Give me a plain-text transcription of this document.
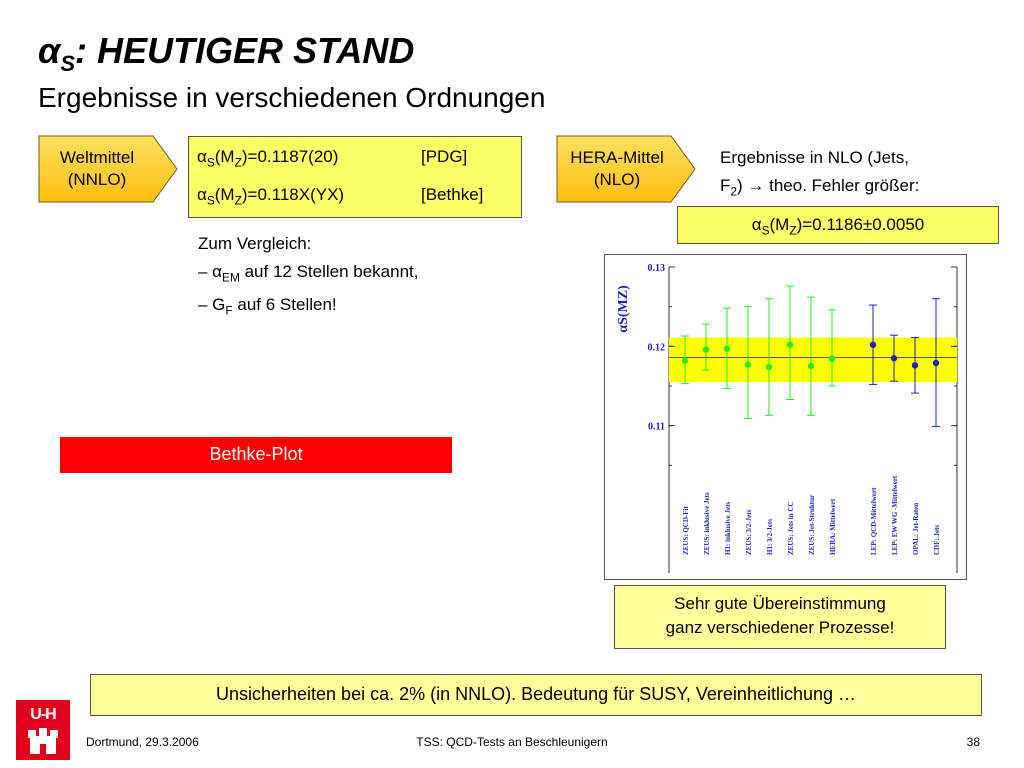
$\alpha_S$: HEUTIGER STAND
Ergebnisse in verschiedenen Ordnungen
Weltmittel
(NNLO)
$\alpha_S(M_Z)=0.1187(20)$	[PDG]
$\alpha_S(M_Z)=0.118X(YX)$	[Bethke]
Zum Vergleich:
– $\alpha_{EM}$ auf 12 Stellen bekannt,
– $G_F$ auf 6 Stellen!
HERA-Mittel
(NLO)
Ergebnisse in NLO (Jets,
$F_2$) → theo. Fehler größer:
$\alpha_S(M_Z)=0.1186\pm 0.0050$
Bethke-Plot
0.11
0.12
0.13
αS(MZ)
ZEUS: QCD-Fit ZEUS: inklusive Jets H1: inklusive Jets ZEUS: 3/2-Jets H1: 3/2-Jets ZEUS: Jets in CC ZEUS: Jet-Struktur HERA: Mittelwert	LEP: QCD-Mittelwert LEP: EW WG -Mittelwert OPAL: Jet-Raten CDF: Jets
Sehr gute Übereinstimmung
ganz verschiedener Prozesse!
Unsicherheiten bei ca. 2% (in NNLO). Bedeutung für SUSY, Vereinheitlichung …
U-H
Dortmund, 29.3.2006	TSS: QCD-Tests an Beschleunigern	38
